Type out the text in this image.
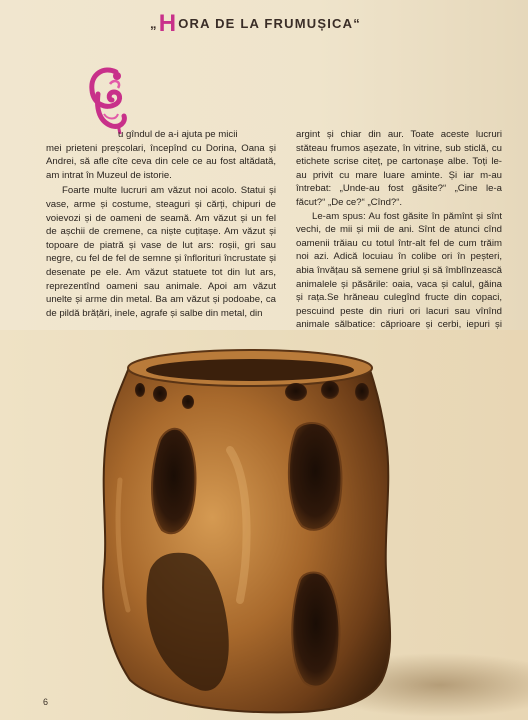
„HORA DE LA FRUMUȘICA“

u gîndul de a-i ajuta pe micii

mei prieteni preșcolari, începînd cu Dorina, Oana și Andrei, să afle cîte ceva din cele ce au fost altădată, am intrat în Muzeul de istorie.

Foarte multe lucruri am văzut noi acolo. Statui și vase, arme și costume, steaguri și cărți, chipuri de voievozi și de oameni de seamă. Am văzut și un fel de așchii de cremene, ca niște cuțitașe. Am văzut și topoare de piatră și vase de lut ars: roșii, gri sau negre, cu fel de fel de semne și înflorituri încrustate și desenate pe ele. Am văzut statuete tot din lut ars, reprezentînd oameni sau animale. Apoi am văzut unelte și arme din metal. Ba am văzut și podoabe, ca de pildă brățări, inele, agrafe și salbe din metal, din

argint și chiar din aur. Toate aceste lucruri stăteau frumos așezate, în vitrine, sub sticlă, cu etichete scrise citeț, pe cartonașe albe. Toți le-au privit cu mare luare aminte. Și iar m-au întrebat: „Unde-au fost găsite?“ „Cine le-a făcut?“ „De ce?“ „Cînd?“.

Le-am spus: Au fost găsite în pămînt și sînt vechi, de mii și mii de ani. Sînt de atunci cînd oamenii trăiau cu totul într-alt fel de cum trăim noi azi. Adică locuiau în colibe ori în peșteri, abia învățau să semene griul și să îmblînzească animalele și păsările: oaia, vaca și calul, găina și rața.Se hrăneau culegînd fructe din copaci, pescuind peste din riuri ori lacuri sau vînînd animale sălbatice: căprioare și cerbi, iepuri și

6
